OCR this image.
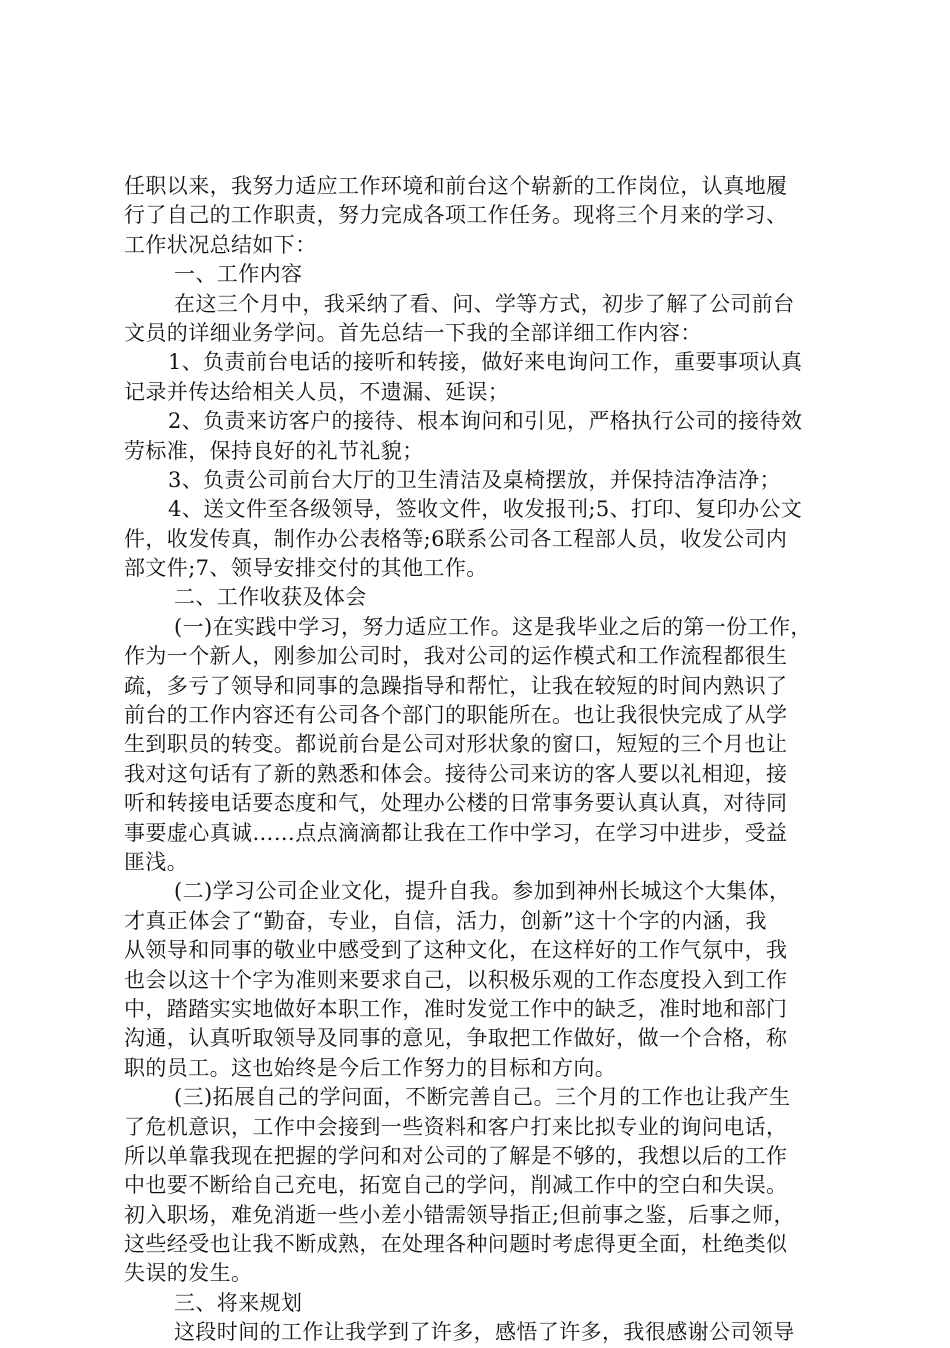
任职以来，我努力适应工作环境和前台这个崭新的工作岗位，认真地履
行了自己的工作职责，努力完成各项工作任务。现将三个月来的学习、
工作状况总结如下：
一、工作内容
在这三个月中，我采纳了看、问、学等方式，初步了解了公司前台
文员的详细业务学问。首先总结一下我的全部详细工作内容：
1、负责前台电话的接听和转接，做好来电询问工作，重要事项认真
记录并传达给相关人员，不遗漏、延误；
2、负责来访客户的接待、根本询问和引见，严格执行公司的接待效
劳标准，保持良好的礼节礼貌；
3、负责公司前台大厅的卫生清洁及桌椅摆放，并保持洁净洁净；
4、送文件至各级领导，签收文件，收发报刊;5、打印、复印办公文
件，收发传真，制作办公表格等;6联系公司各工程部人员，收发公司内
部文件;7、领导安排交付的其他工作。
二、工作收获及体会
(一)在实践中学习，努力适应工作。这是我毕业之后的第一份工作，
作为一个新人，刚参加公司时，我对公司的运作模式和工作流程都很生
疏，多亏了领导和同事的急躁指导和帮忙，让我在较短的时间内熟识了
前台的工作内容还有公司各个部门的职能所在。也让我很快完成了从学
生到职员的转变。都说前台是公司对形状象的窗口，短短的三个月也让
我对这句话有了新的熟悉和体会。接待公司来访的客人要以礼相迎，接
听和转接电话要态度和气，处理办公楼的日常事务要认真认真，对待同
事要虚心真诚……点点滴滴都让我在工作中学习，在学习中进步，受益
匪浅。
(二)学习公司企业文化，提升自我。参加到神州长城这个大集体，
才真正体会了“勤奋，专业，自信，活力，创新”这十个字的内涵，我
从领导和同事的敬业中感受到了这种文化，在这样好的工作气氛中，我
也会以这十个字为准则来要求自己，以积极乐观的工作态度投入到工作
中，踏踏实实地做好本职工作，准时发觉工作中的缺乏，准时地和部门
沟通，认真听取领导及同事的意见，争取把工作做好，做一个合格，称
职的员工。这也始终是今后工作努力的目标和方向。
(三)拓展自己的学问面，不断完善自己。三个月的工作也让我产生
了危机意识，工作中会接到一些资料和客户打来比拟专业的询问电话，
所以单靠我现在把握的学问和对公司的了解是不够的，我想以后的工作
中也要不断给自己充电，拓宽自己的学问，削减工作中的空白和失误。
初入职场，难免消逝一些小差小错需领导指正;但前事之鉴，后事之师，
这些经受也让我不断成熟，在处理各种问题时考虑得更全面，杜绝类似
失误的发生。
三、将来规划
这段时间的工作让我学到了许多，感悟了许多，我很感谢公司领导
